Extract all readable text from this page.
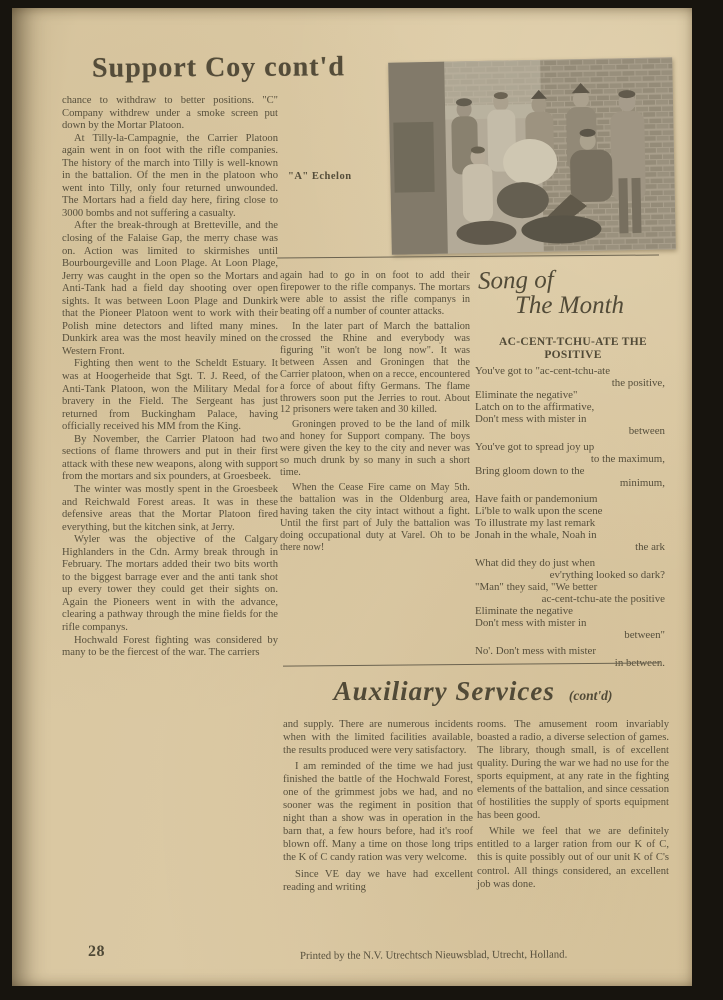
Support Coy cont'd
"A" Echelon

chance to withdraw to better positions. "C" Company withdrew under a smoke screen put down by the Mortar Platoon.

At Tilly-la-Campagnie, the Carrier Platoon again went in on foot with the rifle companies. The history of the march into Tilly is well-known in the battalion. Of the men in the platoon who went into Tilly, only four returned unwounded. The Mortars had a field day here, firing close to 3000 bombs and not suffering a casualty.

After the break-through at Bretteville, and the closing of the Falaise Gap, the merry chase was on. Action was limited to skirmishes until Bourbourgeville and Loon Plage. At Loon Plage, Jerry was caught in the open so the Mortars and Anti-Tank had a field day shooting over open sights. It was between Loon Plage and Dunkirk that the Pioneer Platoon went to work with their Polish mine detectors and lifted many mines. Dunkirk area was the most heavily mined on the Western Front.

Fighting then went to the Scheldt Estuary. It was at Hoogerheide that Sgt. T. J. Reed, of the Anti-Tank Platoon, won the Military Medal for bravery in the Field. The Sergeant has just returned from Buckingham Palace, having officially received his MM from the King.

By November, the Carrier Platoon had two sections of flame throwers and put in their first attack with these new weapons, along with support from the mortars and six pounders, at Groesbeek.

The winter was mostly spent in the Groesbeek and Reichwald Forest areas. It was in these defensive areas that the Mortar Platoon fired everything, but the kitchen sink, at Jerry.

Wyler was the objective of the Calgary Highlanders in the Cdn. Army break through in February. The mortars added their two bits worth to the biggest barrage ever and the anti tank shot up every tower they could get their sights on. Again the Pioneers went in with the advance, clearing a pathway through the mine fields for the rifle companys.

Hochwald Forest fighting was considered by many to be the fiercest of the war. The carriers

again had to go in on foot to add their firepower to the rifle companys. The mortars were able to assist the rifle companys in beating off a number of counter attacks.

In the later part of March the battalion crossed the Rhine and everybody was figuring "it won't be long now". It was between Assen and Groningen that the Carrier platoon, when on a recce, encountered a force of about fifty Germans. The flame throwers soon put the Jerries to rout. About 12 prisoners were taken and 30 killed.

Groningen proved to be the land of milk and honey for Support company. The boys were given the key to the city and never was so much drunk by so many in such a short time.

When the Cease Fire came on May 5th. the battalion was in the Oldenburg area, having taken the city intact without a fight. Until the first part of July the battalion was doing occupational duty at Varel. Oh to be there now!

Song of
The Month
AC-CENT-TCHU-ATE THE POSITIVE

You've got to "ac-cent-tchu-ate

the positive,

Eliminate the negative"

Latch on to the affirmative,

Don't mess with mister in

between

You've got to spread joy up

to the maximum,

Bring gloom down to the

minimum,

Have faith or pandemonium

Li'ble to walk upon the scene

To illustrate my last remark

Jonah in the whale, Noah in

the ark

What did they do just when

ev'rything looked so dark?

"Man" they said, "We better

ac-cent-tchu-ate the positive

Eliminate the negative

Don't mess with mister in

between"

No'. Don't mess with mister

in between.

Auxiliary Services (cont'd)

and supply. There are numerous incidents when with the limited facilities available, the results produced were very satisfactory.

I am reminded of the time we had just finished the battle of the Hochwald Forest, one of the grimmest jobs we had, and no sooner was the regiment in position that night than a show was in operation in the barn that, a few hours before, had it's roof blown off. Many a time on those long trips the K of C candy ration was very welcome.

Since VE day we have had excellent reading and writing

rooms. The amusement room invariably boasted a radio, a diverse selection of games. The library, though small, is of excellent quality. During the war we had no use for the sports equipment, at any rate in the fighting elements of the battalion, and since cessation of hostilities the supply of sports equipment has been good.

While we feel that we are definitely entitled to a larger ration from our K of C, this is quite possibly out of our unit K of C's control. All things considered, an excellent job was done.

28	Printed by the N.V. Utrechtsch Nieuwsblad, Utrecht, Holland.
